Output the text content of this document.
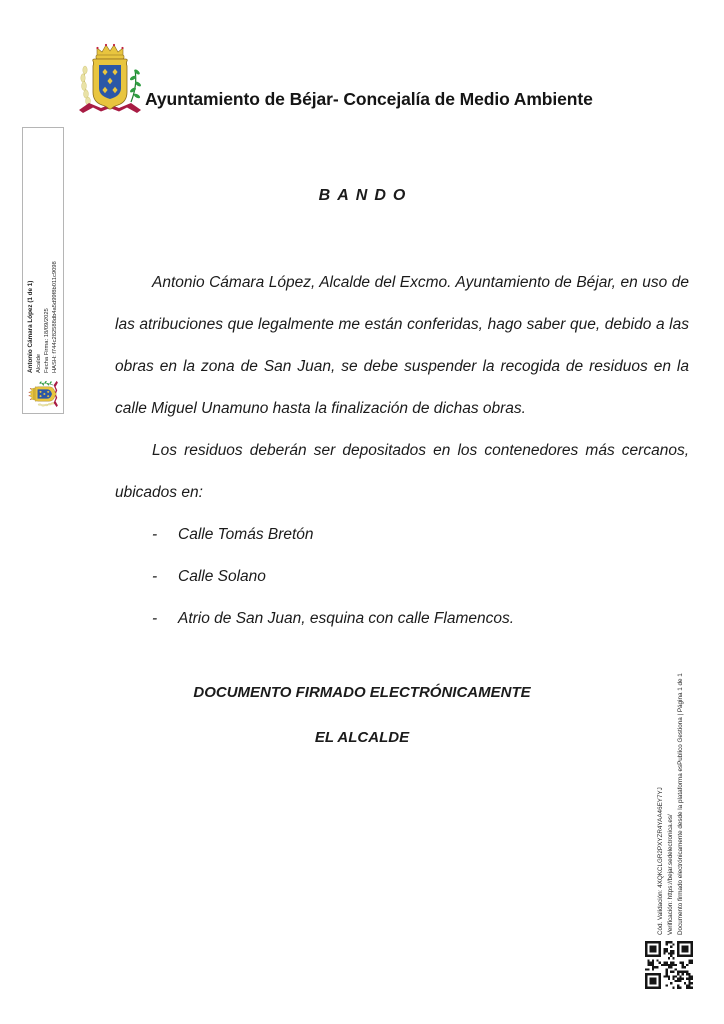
Ayuntamiento de Béjar- Concejalía de Medio Ambiente
Antonio Cámara López (1 de 1) Alcalde Fecha Firma: 18/09/2025 HASH: f744c282588db4a5d99f8b011c9098
BANDO

Antonio Cámara López, Alcalde del Excmo. Ayuntamiento de Béjar, en uso de las atribuciones que legalmente me están conferidas, hago saber que, debido a las obras en la zona de San Juan, se debe suspender la recogida de residuos en la calle Miguel Unamuno hasta la finalización de dichas obras.

Los residuos deberán ser depositados en los contenedores más cercanos, ubicados en:

- Calle Tomás Bretón
- Calle Solano
- Atrio de San Juan, esquina con calle Flamencos.
DOCUMENTO FIRMADO ELECTRÓNICAMENTE
EL ALCALDE
Cód. Validación: 4XQKCLGR2PXYZR4YAA46EY7YJ Verificación: https://bejar.sedelectronica.es/ Documento firmado electrónicamente desde la plataforma esPublico Gestiona | Página 1 de 1
